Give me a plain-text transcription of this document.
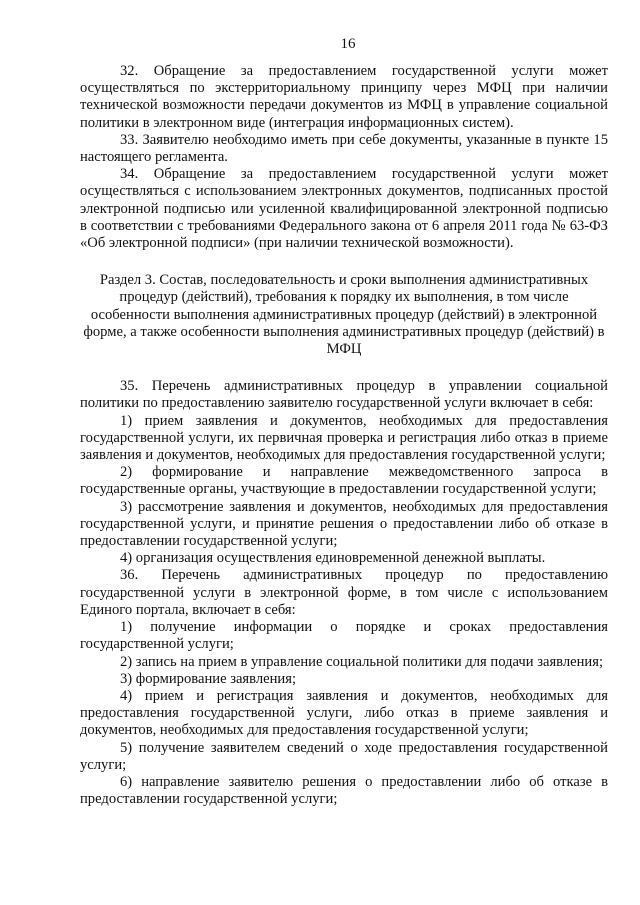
16

32. Обращение за предоставлением государственной услуги может осуществляться по экстерриториальному принципу через МФЦ при наличии технической возможности передачи документов из МФЦ в управление социальной политики в электронном виде (интеграция информационных систем).

33. Заявителю необходимо иметь при себе документы, указанные в пункте 15 настоящего регламента.

34. Обращение за предоставлением государственной услуги может осуществляться с использованием электронных документов, подписанных простой электронной подписью или усиленной квалифицированной электронной подписью в соответствии с требованиями Федерального закона от 6 апреля 2011 года № 63-ФЗ «Об электронной подписи» (при наличии технической возможности).

Раздел 3. Состав, последовательность и сроки выполнения административных процедур (действий), требования к порядку их выполнения, в том числе особенности выполнения административных процедур (действий) в электронной форме, а также особенности выполнения административных процедур (действий) в МФЦ

35. Перечень административных процедур в управлении социальной политики по предоставлению заявителю государственной услуги включает в себя:

1) прием заявления и документов, необходимых для предоставления государственной услуги, их первичная проверка и регистрация либо отказ в приеме заявления и документов, необходимых для предоставления государственной услуги;

2) формирование и направление межведомственного запроса в государственные органы, участвующие в предоставлении государственной услуги;

3) рассмотрение заявления и документов, необходимых для предоставления государственной услуги, и принятие решения о предоставлении либо об отказе в предоставлении государственной услуги;

4) организация осуществления единовременной денежной выплаты.

36. Перечень административных процедур по предоставлению государственной услуги в электронной форме, в том числе с использованием Единого портала, включает в себя:

1) получение информации о порядке и сроках предоставления государственной услуги;

2) запись на прием в управление социальной политики для подачи заявления;

3) формирование заявления;

4) прием и регистрация заявления и документов, необходимых для предоставления государственной услуги, либо отказ в приеме заявления и документов, необходимых для предоставления государственной услуги;

5) получение заявителем сведений о ходе предоставления государственной услуги;

6) направление заявителю решения о предоставлении либо об отказе в предоставлении государственной услуги;
